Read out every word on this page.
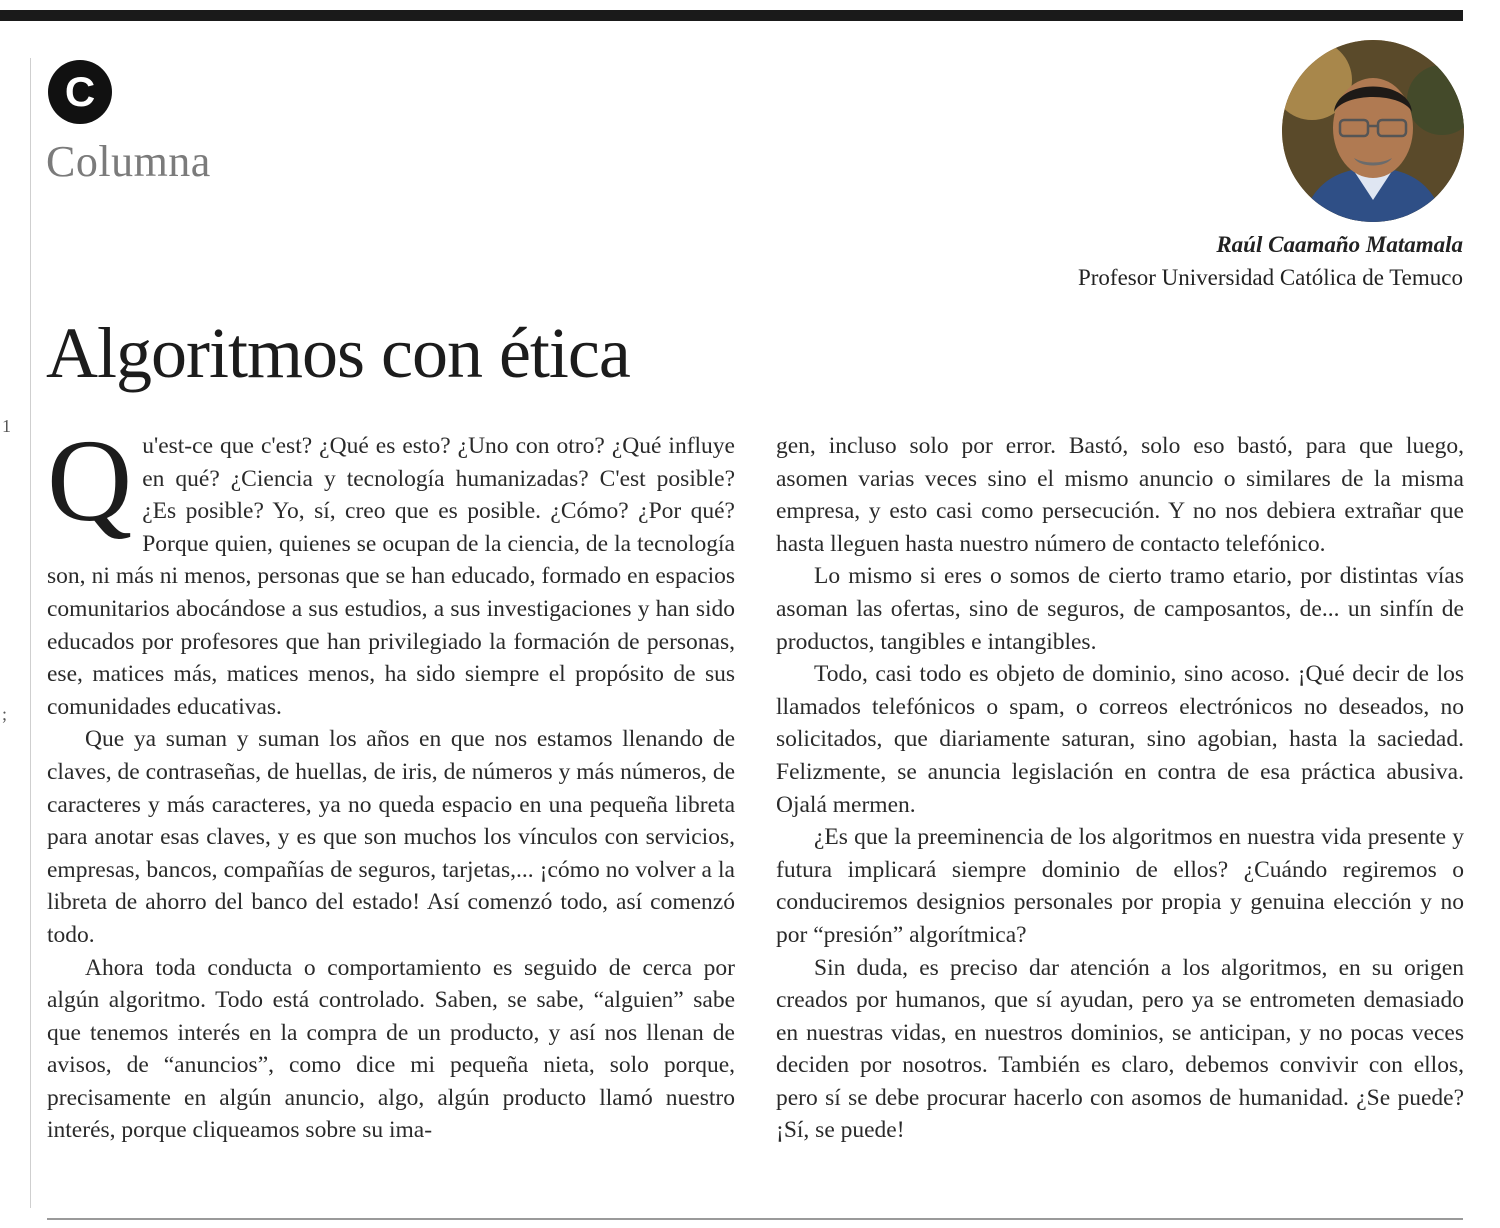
1
;
C
Columna
Raúl Caamaño Matamala
Profesor Universidad Católica de Temuco
Algoritmos con ética

Qu'est-ce que c'est? ¿Qué es esto? ¿Uno con otro? ¿Qué influye en qué? ¿Ciencia y tecnología humanizadas? C'est posible? ¿Es posible? Yo, sí, creo que es posible. ¿Cómo? ¿Por qué? Porque quien, quienes se ocupan de la ciencia, de la tecnología son, ni más ni menos, personas que se han educado, formado en espacios comunitarios abocándose a sus estudios, a sus investigaciones y han sido educados por profesores que han privilegiado la formación de personas, ese, matices más, matices menos, ha sido siempre el propósito de sus comunidades educativas.

Que ya suman y suman los años en que nos estamos llenando de claves, de contraseñas, de huellas, de iris, de números y más números, de caracteres y más caracteres, ya no queda espacio en una pequeña libreta para anotar esas claves, y es que son muchos los vínculos con servicios, empresas, bancos, compañías de seguros, tarjetas,... ¡cómo no volver a la libreta de ahorro del banco del estado! Así comenzó todo, así comenzó todo.

Ahora toda conducta o comportamiento es seguido de cerca por algún algoritmo. Todo está controlado. Saben, se sabe, “alguien” sabe que tenemos interés en la compra de un producto, y así nos llenan de avisos, de “anuncios”, como dice mi pequeña nieta, solo porque, precisamente en algún anuncio, algo, algún producto llamó nuestro interés, porque cliqueamos sobre su ima-

gen, incluso solo por error. Bastó, solo eso bastó, para que luego, asomen varias veces sino el mismo anuncio o similares de la misma empresa, y esto casi como persecución. Y no nos debiera extrañar que hasta lleguen hasta nuestro número de contacto telefónico.

Lo mismo si eres o somos de cierto tramo etario, por distintas vías asoman las ofertas, sino de seguros, de camposantos, de... un sinfín de productos, tangibles e intangibles.

Todo, casi todo es objeto de dominio, sino acoso. ¡Qué decir de los llamados telefónicos o spam, o correos electrónicos no deseados, no solicitados, que diariamente saturan, sino agobian, hasta la saciedad. Felizmente, se anuncia legislación en contra de esa práctica abusiva. Ojalá mermen.

¿Es que la preeminencia de los algoritmos en nuestra vida presente y futura implicará siempre dominio de ellos? ¿Cuándo regiremos o conduciremos designios personales por propia y genuina elección y no por “presión” algorítmica?

Sin duda, es preciso dar atención a los algoritmos, en su origen creados por humanos, que sí ayudan, pero ya se entrometen demasiado en nuestras vidas, en nuestros dominios, se anticipan, y no pocas veces deciden por nosotros. También es claro, debemos convivir con ellos, pero sí se debe procurar hacerlo con asomos de humanidad. ¿Se puede? ¡Sí, se puede!
